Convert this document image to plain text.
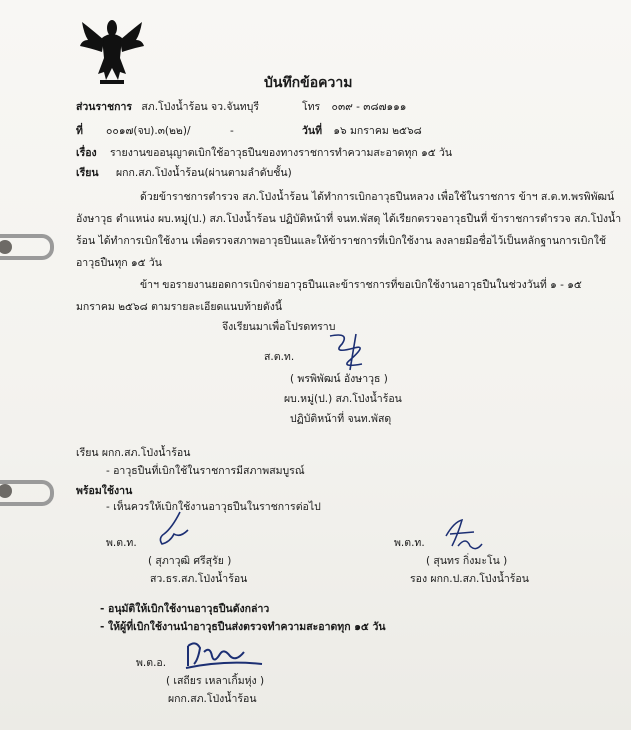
บันทึกข้อความ
ส่วนราชการ สภ.โป่งน้ำร้อน จว.จันทบุรี	โทร ๐๓๙ - ๓๘๗๑๑๑
ที่ ๐๐๑๗(จบ).๓(๒๒)/	-	วันที่ ๑๖ มกราคม ๒๕๖๘
เรื่อง รายงานขออนุญาตเบิกใช้อาวุธปืนของทางราชการทำความสะอาดทุก ๑๕ วัน
เรียน ผกก.สภ.โป่งน้ำร้อน(ผ่านตามลำดับชั้น)
ด้วยข้าราชการตำรวจ สภ.โป่งน้ำร้อน ได้ทำการเบิกอาวุธปืนหลวง เพื่อใช้ในราชการ ข้าฯ ส.ต.ท.พรพิพัฒน์
อังษาวุธ ตำแหน่ง ผบ.หมู่(ป.) สภ.โป่งน้ำร้อน ปฏิบัติหน้าที่ จนท.พัสดุ ได้เรียกตรวจอาวุธปืนที่ ข้าราชการตำรวจ สภ.โป่งน้ำ
ร้อน ได้ทำการเบิกใช้งาน เพื่อตรวจสภาพอาวุธปืนและให้ข้าราชการที่เบิกใช้งาน ลงลายมือชื่อไว้เป็นหลักฐานการเบิกใช้
อาวุธปืนทุก ๑๕ วัน
ข้าฯ ขอรายงานยอดการเบิกจ่ายอาวุธปืนและข้าราชการที่ขอเบิกใช้งานอาวุธปืนในช่วงวันที่ ๑ - ๑๕
มกราคม ๒๕๖๘ ตามรายละเอียดแนบท้ายดังนี้
จึงเรียนมาเพื่อโปรดทราบ
ส.ต.ท.
( พรพิพัฒน์ อังษาวุธ )
ผบ.หมู่(ป.) สภ.โป่งน้ำร้อน
ปฏิบัติหน้าที่ จนท.พัสดุ
เรียน ผกก.สภ.โป่งน้ำร้อน
- อาวุธปืนที่เบิกใช้ในราชการมีสภาพสมบูรณ์
พร้อมใช้งาน
- เห็นควรให้เบิกใช้งานอาวุธปืนในราชการต่อไป
พ.ต.ท.
( สุภาวุฒิ ศรีสุรัย )
สว.ธร.สภ.โป่งน้ำร้อน
พ.ต.ท.
( สุนทร กิ่งมะโน )
รอง ผกก.ป.สภ.โป่งน้ำร้อน
- อนุมัติให้เบิกใช้งานอาวุธปืนดังกล่าว
- ให้ผู้ที่เบิกใช้งานนำอาวุธปืนส่งตรวจทำความสะอาดทุก ๑๕ วัน
พ.ต.อ.
( เสถียร เหลาเกิ้มหุ่ง )
ผกก.สภ.โป่งน้ำร้อน
